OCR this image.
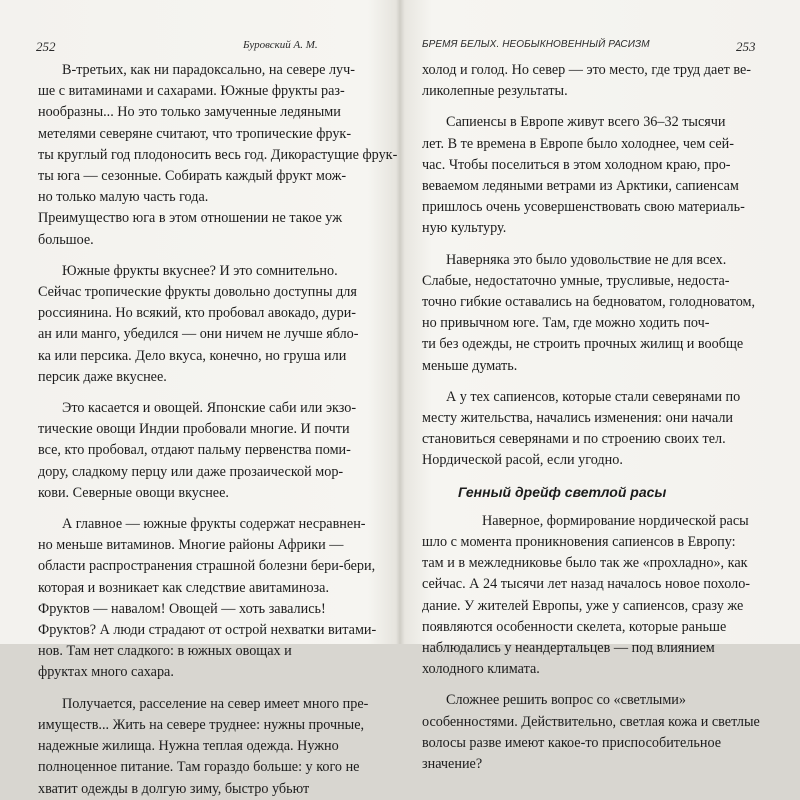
252	Буровский А. М.
В-третьих, как ни парадоксально, на севере луч-
ше с витаминами и сахарами. Южные фрукты раз-
нообразны... Но это только замученные ледяными
метелями северяне считают, что тропические фрук-
ты круглый год плодоносить весь год. Дикорастущие фрук-
ты юга — сезонные. Собирать каждый фрукт мож-
но только малую часть года.
Преимущество юга в этом отношении не такое уж
большое.
Южные фрукты вкуснее? И это сомнительно.
Сейчас тропические фрукты довольно доступны для
россиянина. Но всякий, кто пробовал авокадо, дури-
ан или манго, убедился — они ничем не лучше ябло-
ка или персика. Дело вкуса, конечно, но груша или
персик даже вкуснее.
Это касается и овощей. Японские саби или экзо-
тические овощи Индии пробовали многие. И почти
все, кто пробовал, отдают пальму первенства поми-
дору, сладкому перцу или даже прозаической мор-
кови. Северные овощи вкуснее.
А главное — южные фрукты содержат несравнен-
но меньше витаминов. Многие районы Африки —
области распространения страшной болезни бери-бери,
которая и возникает как следствие авитаминоза.
Фруктов — навалом! Овощей — хоть завались!
Фруктов? А люди страдают от острой нехватки витами-
нов. Там нет сладкого: в южных овощах и
фруктах много сахара.
Получается, расселение на север имеет много пре-
имуществ... Жить на севере труднее: нужны прочные,
надежные жилища. Нужна теплая одежда. Нужно
полноценное питание. Там гораздо больше: у кого не
хватит одежды в долгую зиму, быстро убьют
БРЕМЯ БЕЛЫХ. НЕОБЫКНОВЕННЫЙ РАСИЗМ	253
холод и голод. Но север — это место, где труд дает ве-
ликолепные результаты.
Сапиенсы в Европе живут всего 36–32 тысячи
лет. В те времена в Европе было холоднее, чем сей-
час. Чтобы поселиться в этом холодном краю, про-
веваемом ледяными ветрами из Арктики, сапиенсам
пришлось очень усовершенствовать свою материаль-
ную культуру.
Наверняка это было удовольствие не для всех.
Слабые, недостаточно умные, трусливые, недоста-
точно гибкие оставались на бедноватом, голодноватом,
но привычном юге. Там, где можно ходить поч-
ти без одежды, не строить прочных жилищ и вообще
меньше думать.
А у тех сапиенсов, которые стали северянами по
месту жительства, начались изменения: они начали
становиться северянами и по строению своих тел.
Нордической расой, если угодно.
Генный дрейф светлой расы
Наверное, формирование нордической расы
шло с момента проникновения сапиенсов в Европу:
там и в межледниковье было так же «прохладно», как
сейчас. А 24 тысячи лет назад началось новое похоло-
дание. У жителей Европы, уже у сапиенсов, сразу же
появляются особенности скелета, которые раньше
наблюдались у неандертальцев — под влиянием
холодного климата.
Сложнее решить вопрос со «светлыми»
особенностями. Действительно, светлая кожа и светлые
волосы разве имеют какое-то приспособительное
значение?
